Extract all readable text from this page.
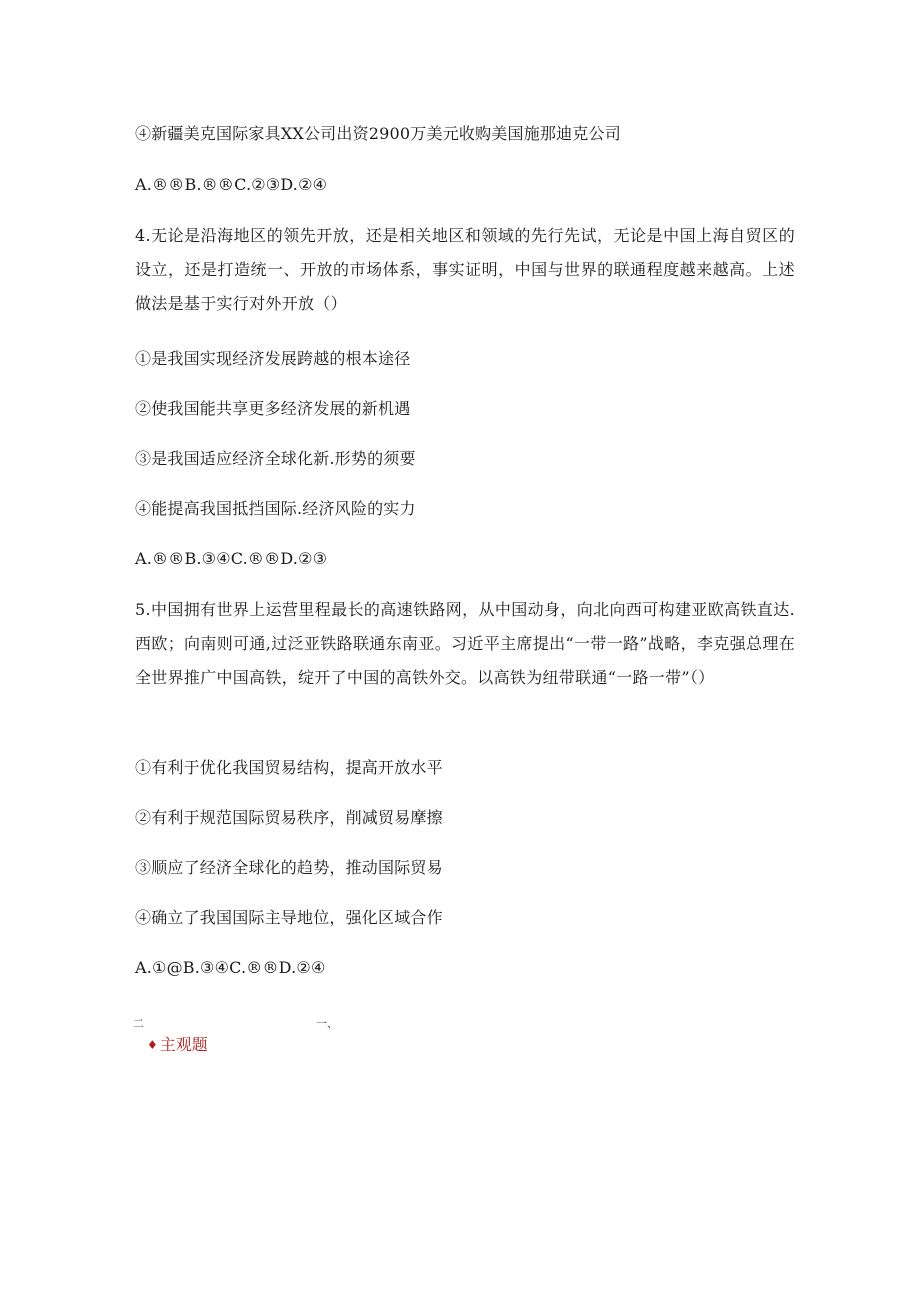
④新疆美克国际家具XX公司出资2900万美元收购美国施那迪克公司
A.®®B.®®C.②③D.②④
4.无论是沿海地区的领先开放，还是相关地区和领域的先行先试，无论是中国上海自贸区的设立，还是打造统一、开放的市场体系，事实证明，中国与世界的联通程度越来越高。上述做法是基于实行对外开放（）
①是我国实现经济发展跨越的根本途径
②使我国能共享更多经济发展的新机遇
③是我国适应经济全球化新.形势的须要
④能提高我国抵挡国际.经济风险的实力
A.®®B.③④C.®®D.②③
5.中国拥有世界上运营里程最长的高速铁路网，从中国动身，向北向西可构建亚欧高铁直达.西欧；向南则可通,过泛亚铁路联通东南亚。习近平主席提出“一带一路”战略，李克强总理在全世界推广中国高铁，绽开了中国的高铁外交。以高铁为纽带联通“一路一带”（）
①有利于优化我国贸易结构，提高开放水平
②有利于规范国际贸易秩序，削减贸易摩擦
③顺应了经济全球化的趋势，推动国际贸易
④确立了我国国际主导地位，强化区域合作
A.①@B.③④C.®®D.②④
二	一、
♦ 主观题
